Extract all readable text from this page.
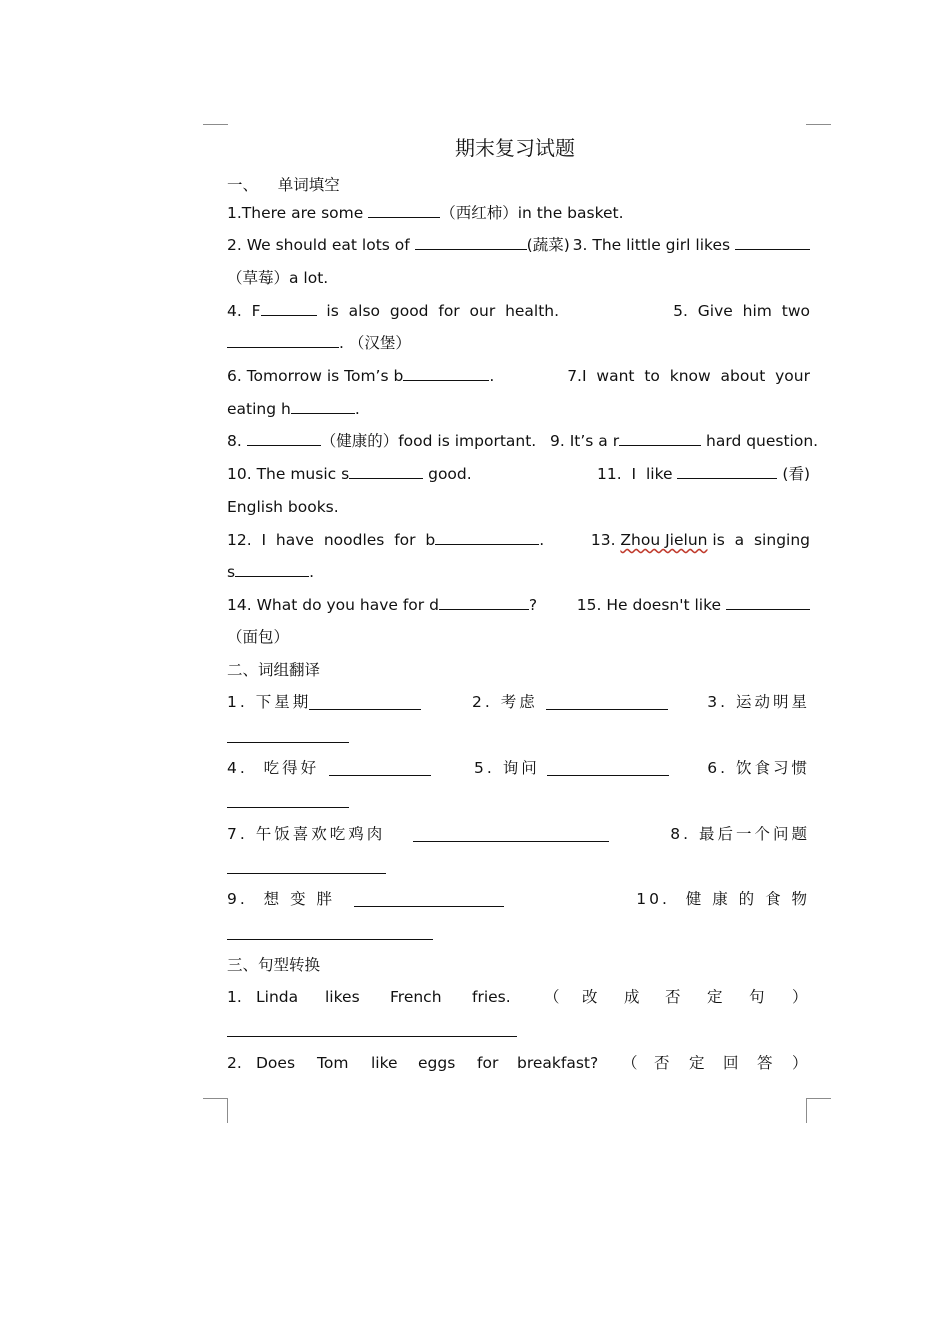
期末复习试题
一、 单词填空
1.There are some	（西红柿）in the basket.
2. We should eat lots of	(蔬菜) 3. The little girl likes
（草莓）a lot.
4.  F	is  also  good  for  our  health.	5.  Give  him  two
. （汉堡）
6. Tomorrow is Tom’s b	.	7.I  want  to  know  about  your
eating h	.
8.	（健康的）food is important. 9. It’s a r	hard question.
10. The music s	good.	11.  I  like	(看)
English books.
12.  I  have  noodles  for  b	.	13. Zhou Jielun is  a  singing
s	.
14. What do you have for d	?	15. He doesn't like
（面包）
二、词组翻译
1. 下星期	2. 考虑	3. 运动明星
4.  吃得好	5. 询问	6. 饮食习惯
7. 午饭喜欢吃鸡肉	8. 最后一个问题
9.  想 变 胖	10.  健 康 的 食 物
三、句型转换
1. Linda likes French fries. （ 改 成 否 定 句 ）
2. Does Tom like eggs for breakfast? （ 否 定 回 答 ）
